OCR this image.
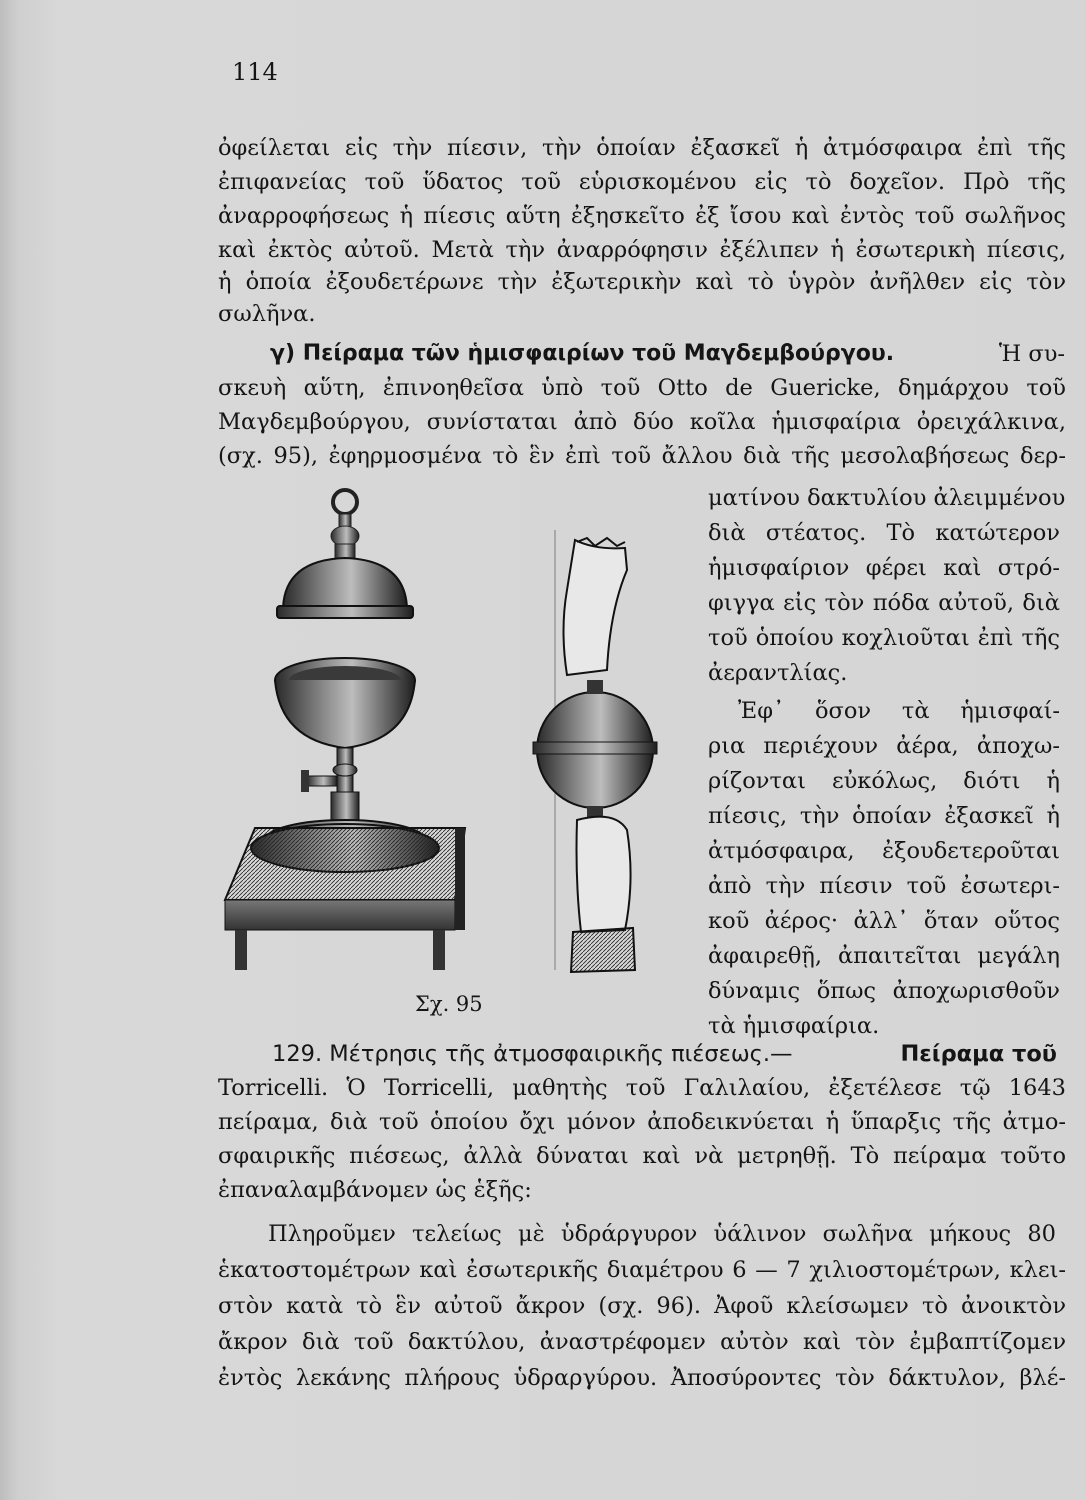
114
ὀφείλεται εἰς τὴν πίεσιν, τὴν ὁποίαν ἐξασκεῖ ἡ ἀτμόσφαιρα ἐπὶ τῆς
ἐπιφανείας τοῦ ὕδατος τοῦ εὑρισκομένου εἰς τὸ δοχεῖον. Πρὸ τῆς
ἀναρροφήσεως ἡ πίεσις αὕτη ἐξησκεῖτο ἐξ ἴσου καὶ ἐντὸς τοῦ σωλῆνος
καὶ ἐκτὸς αὐτοῦ. Μετὰ τὴν ἀναρρόφησιν ἐξέλιπεν ἡ ἐσωτερικὴ πίεσις,
ἡ ὁποία ἐξουδετέρωνε τὴν ἐξωτερικὴν καὶ τὸ ὑγρὸν ἀνῆλθεν εἰς τὸν
σωλῆνα.
γ) Πείραμα τῶν ἡμισφαιρίων τοῦ Μαγδεμβούργου.	Ἡ συ-
σκευὴ αὕτη, ἐπινοηθεῖσα ὑπὸ τοῦ Otto de Guericke, δημάρχου τοῦ
Μαγδεμβούργου, συνίσταται ἀπὸ δύο κοῖλα ἡμισφαίρια ὀρειχάλκινα,
(σχ. 95), ἐφηρμοσμένα τὸ ἓν ἐπὶ τοῦ ἄλλου διὰ τῆς μεσολαβήσεως δερ-
ματίνου δακτυλίου ἀλειμμένου
διὰ στέατος. Τὸ κατώτερον
ἡμισφαίριον φέρει καὶ στρό-
φιγγα εἰς τὸν πόδα αὐτοῦ, διὰ
τοῦ ὁποίου κοχλιοῦται ἐπὶ τῆς
ἀεραντλίας.
Ἐφ᾽ ὅσον τὰ ἡμισφαί-
ρια περιέχουν ἀέρα, ἀποχω-
ρίζονται εὐκόλως, διότι ἡ
πίεσις, τὴν ὁποίαν ἐξασκεῖ ἡ
ἀτμόσφαιρα, ἐξουδετεροῦται
ἀπὸ τὴν πίεσιν τοῦ ἐσωτερι-
κοῦ ἀέρος· ἀλλ᾽ ὅταν οὕτος
ἀφαιρεθῇ, ἀπαιτεῖται μεγάλη
δύναμις ὅπως ἀποχωρισθοῦν
τὰ ἡμισφαίρια.
Σχ. 95
129. Μέτρησις τῆς ἀτμοσφαιρικῆς πιέσεως.—	Πείραμα τοῦ
Torricelli. Ὁ Torricelli, μαθητὴς τοῦ Γαλιλαίου, ἐξετέλεσε τῷ 1643
πείραμα, διὰ τοῦ ὁποίου ὄχι μόνον ἀποδεικνύεται ἡ ὕπαρξις τῆς ἀτμο-
σφαιρικῆς πιέσεως, ἀλλὰ δύναται καὶ νὰ μετρηθῇ. Τὸ πείραμα τοῦτο
ἐπαναλαμβάνομεν ὡς ἑξῆς:
Πληροῦμεν τελείως μὲ ὑδράργυρον ὑάλινον σωλῆνα μήκους 80
ἑκατοστομέτρων καὶ ἐσωτερικῆς διαμέτρου 6 — 7 χιλιοστομέτρων, κλει-
στὸν κατὰ τὸ ἓν αὐτοῦ ἄκρον (σχ. 96). Ἀφοῦ κλείσωμεν τὸ ἀνοικτὸν
ἄκρον διὰ τοῦ δακτύλου, ἀναστρέφομεν αὐτὸν καὶ τὸν ἐμβαπτίζομεν
ἐντὸς λεκάνης πλήρους ὑδραργύρου. Ἀποσύροντες τὸν δάκτυλον, βλέ-
